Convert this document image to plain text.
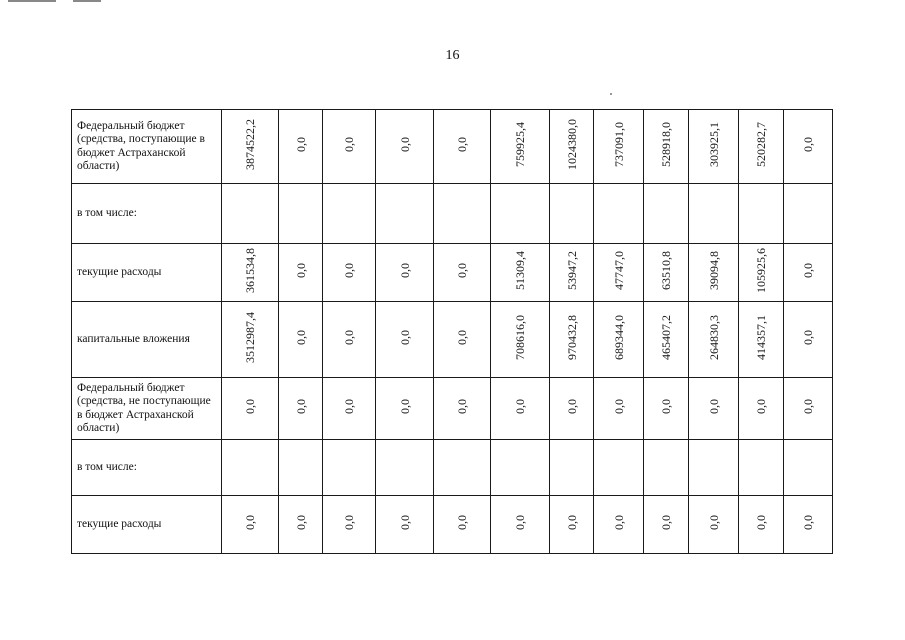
16
Федеральный бюджет (средства, поступающие в бюджет Астраханской области)	3874522,2	0,0	0,0	0,0	0,0	759925,4	1024380,0	737091,0	528918,0	303925,1	520282,7	0,0
в том числе:												
текущие расходы	361534,8	0,0	0,0	0,0	0,0	51309,4	53947,2	47747,0	63510,8	39094,8	105925,6	0,0
капитальные вложения	3512987,4	0,0	0,0	0,0	0,0	708616,0	970432,8	689344,0	465407,2	264830,3	414357,1	0,0
Федеральный бюджет (средства, не поступающие в бюджет Астраханской области)	0,0	0,0	0,0	0,0	0,0	0,0	0,0	0,0	0,0	0,0	0,0	0,0
в том числе:												
текущие расходы	0,0	0,0	0,0	0,0	0,0	0,0	0,0	0,0	0,0	0,0	0,0	0,0
